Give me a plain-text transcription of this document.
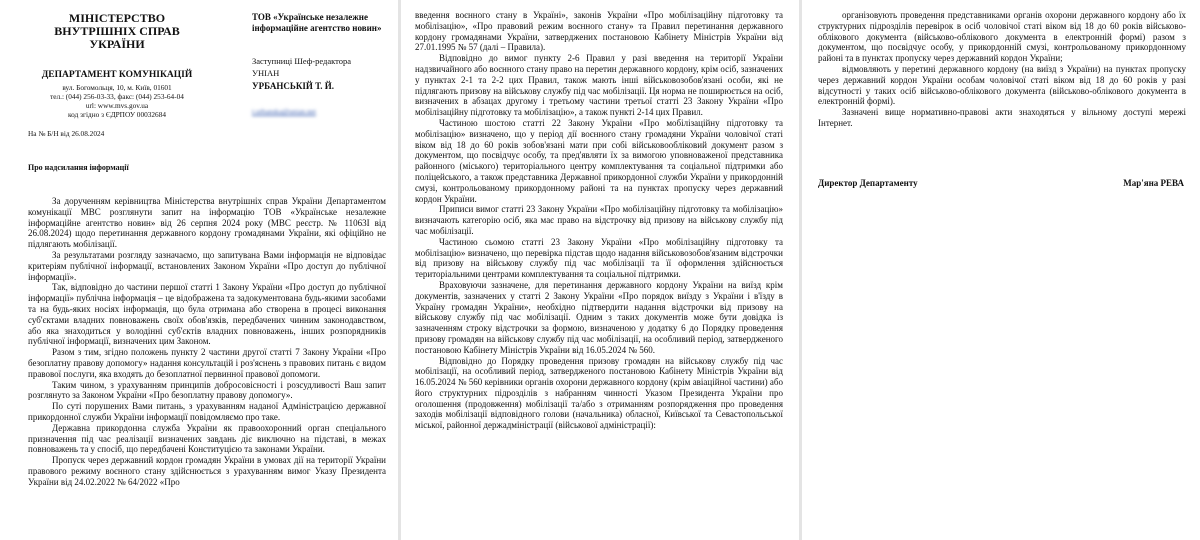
МІНІСТЕРСТВО ВНУТРІШНІХ СПРАВ УКРАЇНИ
ДЕПАРТАМЕНТ КОМУНІКАЦІЙ
вул. Богомольця, 10, м. Київ, 01601
тел.: (044) 256-03-33, факс: (044) 253-64-04
url: www.mvs.gov.ua
код згідно з ЄДРПОУ 00032684
ТОВ «Українське незалежне інформаційне агентство новин»
Заступниці Шеф-редактора
УНІАН
УРБАНСЬКІЙ Т. Й.
t.urbanska@unian.net
На № Б/Н від 26.08.2024
Про надсилання інформації

За дорученням керівництва Міністерства внутрішніх справ України Департаментом комунікації МВС розглянути запит на інформацію ТОВ «Українське незалежне інформаційне агентство новин» від 26 серпня 2024 року (МВС реєстр. № 11063І від 26.08.2024) щодо перетинання державного кордону громадянами України, які офіційно не підлягають мобілізації.

За результатами розгляду зазначаємо, що запитувана Вами інформація не відповідає критеріям публічної інформації, встановлених Законом України «Про доступ до публічної інформації».

Так, відповідно до частини першої статті 1 Закону України «Про доступ до публічної інформації» публічна інформація – це відображена та задокументована будь-якими засобами та на будь-яких носіях інформація, що була отримана або створена в процесі виконання суб'єктами владних повноважень своїх обов'язків, передбачених чинним законодавством, або яка знаходиться у володінні суб'єктів владних повноважень, інших розпорядників публічної інформації, визначених цим Законом.

Разом з тим, згідно положень пункту 2 частини другої статті 7 Закону України «Про безоплатну правову допомогу» надання консультацій і роз'яснень з правових питань є видом правової послуги, яка входять до безоплатної первинної правової допомоги.

Таким чином, з урахуванням принципів добросовісності і розсудливості Ваш запит розглянуто за Законом України «Про безоплатну правову допомогу».

По суті порушених Вами питань, з урахуванням наданої Адміністрацією державної прикордонної служби України інформації повідомляємо про таке.

Державна прикордонна служба України як правоохоронний орган спеціального призначення під час реалізації визначених завдань діє виключно на підставі, в межах повноважень та у спосіб, що передбачені Конституцією та законами України.

Пропуск через державний кордон громадян України в умовах дії на території України правового режиму воєнного стану здійснюється з урахуванням вимог Указу Президента України від 24.02.2022 № 64/2022 «Про

введення воєнного стану в Україні», законів України «Про мобілізаційну підготовку та мобілізацію», «Про правовий режим воєнного стану» та Правил перетинання державного кордону громадянами України, затверджених постановою Кабінету Міністрів України від 27.01.1995 № 57 (далі – Правила).

Відповідно до вимог пункту 2-6 Правил у разі введення на території України надзвичайного або воєнного стану право на перетин державного кордону, крім осіб, зазначених у пунктах 2-1 та 2-2 цих Правил, також мають інші військовозобов'язані особи, які не підлягають призову на військову службу під час мобілізації. Ця норма не поширюється на осіб, визначених в абзацах другому і третьому частини третьої статті 23 Закону України «Про мобілізаційну підготовку та мобілізацію», а також пункті 2-14 цих Правил.

Частиною шостою статті 22 Закону України «Про мобілізаційну підготовку та мобілізацію» визначено, що у період дії воєнного стану громадяни України чоловічої статі віком від 18 до 60 років зобов'язані мати при собі військовообліковий документ разом з документом, що посвідчує особу, та пред'являти їх за вимогою уповноваженої представника районного (міського) територіального центру комплектування та соціальної підтримки або поліцейського, а також представника Державної прикордонної служби України у прикордонній смузі, контрольованому прикордонному районі та на пунктах пропуску через державний кордон України.

Приписи вимог статті 23 Закону України «Про мобілізаційну підготовку та мобілізацію» визначають категорію осіб, яка має право на відстрочку від призову на військову службу під час мобілізації.

Частиною сьомою статті 23 Закону України «Про мобілізаційну підготовку та мобілізацію» визначено, що перевірка підстав щодо надання військовозобов'язаним відстрочки від призову на військову службу під час мобілізації та її оформлення здійснюється територіальними центрами комплектування та соціальної підтримки.

Враховуючи зазначене, для перетинання державного кордону України на виїзд крім документів, зазначених у статті 2 Закону України «Про порядок виїзду з України і в'їзду в Україну громадян України», необхідно підтвердити надання відстрочки від призову на військову службу під час мобілізації. Одним з таких документів може бути довідка із зазначенням строку відстрочки за формою, визначеною у додатку 6 до Порядку проведення призову громадян на військову службу під час мобілізації, на особливий період, затвердженого постановою Кабінету Міністрів України від 16.05.2024 № 560.

Відповідно до Порядку проведення призову громадян на військову службу під час мобілізації, на особливий період, затвердженого постановою Кабінету Міністрів України від 16.05.2024 № 560 керівники органів охорони державного кордону (крім авіаційної частини) або його структурних підрозділів з набранням чинності Указом Президента України про оголошення (продовження) мобілізації та/або з отриманням розпорядження про проведення заходів мобілізації відповідного голови (начальника) обласної, Київської та Севастопольської міської, районної держадміністрації (військової адміністрації):

організовують проведення представниками органів охорони державного кордону або їх структурних підрозділів перевірок в осіб чоловічої статі віком від 18 до 60 років військово-облікового документа (військово-облікового документа в електронній формі) разом з документом, що посвідчує особу, у прикордонній смузі, контрольованому прикордонному районі та в пунктах пропуску через державний кордон України;

відмовляють у перетині державного кордону (на виїзд з України) на пунктах пропуску через державний кордон України особам чоловічої статі віком від 18 до 60 років у разі відсутності у таких осіб військово-облікового документа (військово-облікового документа в електронній формі).

Зазначені вище нормативно-правові акти знаходяться у вільному доступі мережі Інтернет.

Директор Департаменту	Мар'яна РЕВА
